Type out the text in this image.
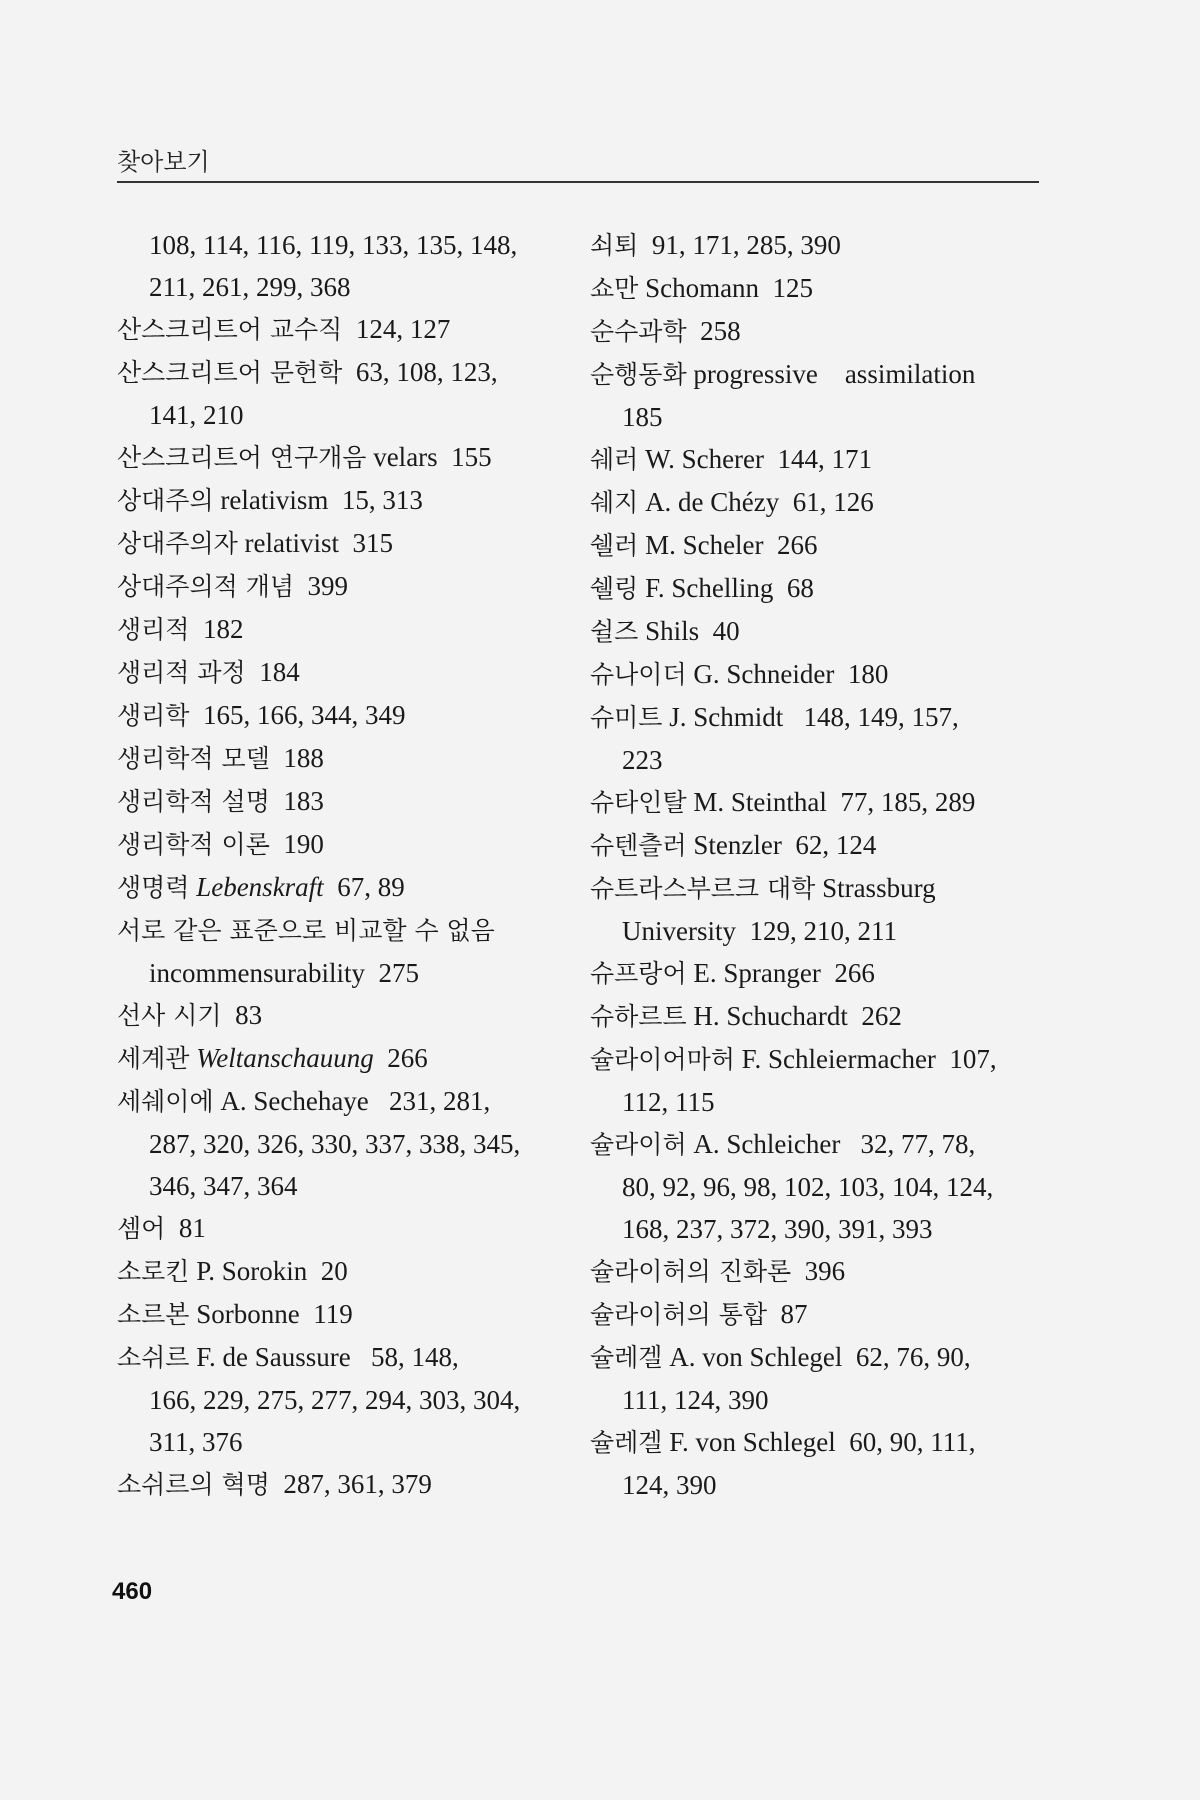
찾아보기
108, 114, 116, 119, 133, 135, 148,
211, 261, 299, 368
산스크리트어 교수직  124, 127
산스크리트어 문헌학  63, 108, 123,
141, 210
산스크리트어 연구개음 velars  155
상대주의 relativism  15, 313
상대주의자 relativist  315
상대주의적 개념  399
생리적  182
생리적 과정  184
생리학  165, 166, 344, 349
생리학적 모델  188
생리학적 설명  183
생리학적 이론  190
생명력 Lebenskraft  67, 89
서로 같은 표준으로 비교할 수 없음
incommensurability  275
선사 시기  83
세계관 Weltanschauung  266
세쉐이에 A. Sechehaye   231, 281,
287, 320, 326, 330, 337, 338, 345,
346, 347, 364
셈어  81
소로킨 P. Sorokin  20
소르본 Sorbonne  119
소쉬르 F. de Saussure   58, 148,
166, 229, 275, 277, 294, 303, 304,
311, 376
소쉬르의 혁명  287, 361, 379
쇠퇴  91, 171, 285, 390
쇼만 Schomann  125
순수과학  258
순행동화 progressive    assimilation
185
쉐러 W. Scherer  144, 171
쉐지 A. de Chézy  61, 126
쉘러 M. Scheler  266
쉘링 F. Schelling  68
쉴즈 Shils  40
슈나이더 G. Schneider  180
슈미트 J. Schmidt   148, 149, 157,
223
슈타인탈 M. Steinthal  77, 185, 289
슈텐츨러 Stenzler  62, 124
슈트라스부르크 대학 Strassburg
University  129, 210, 211
슈프랑어 E. Spranger  266
슈하르트 H. Schuchardt  262
슐라이어마허 F. Schleiermacher  107,
112, 115
슐라이허 A. Schleicher   32, 77, 78,
80, 92, 96, 98, 102, 103, 104, 124,
168, 237, 372, 390, 391, 393
슐라이허의 진화론  396
슐라이허의 통합  87
슐레겔 A. von Schlegel  62, 76, 90,
111, 124, 390
슐레겔 F. von Schlegel  60, 90, 111,
124, 390
460
